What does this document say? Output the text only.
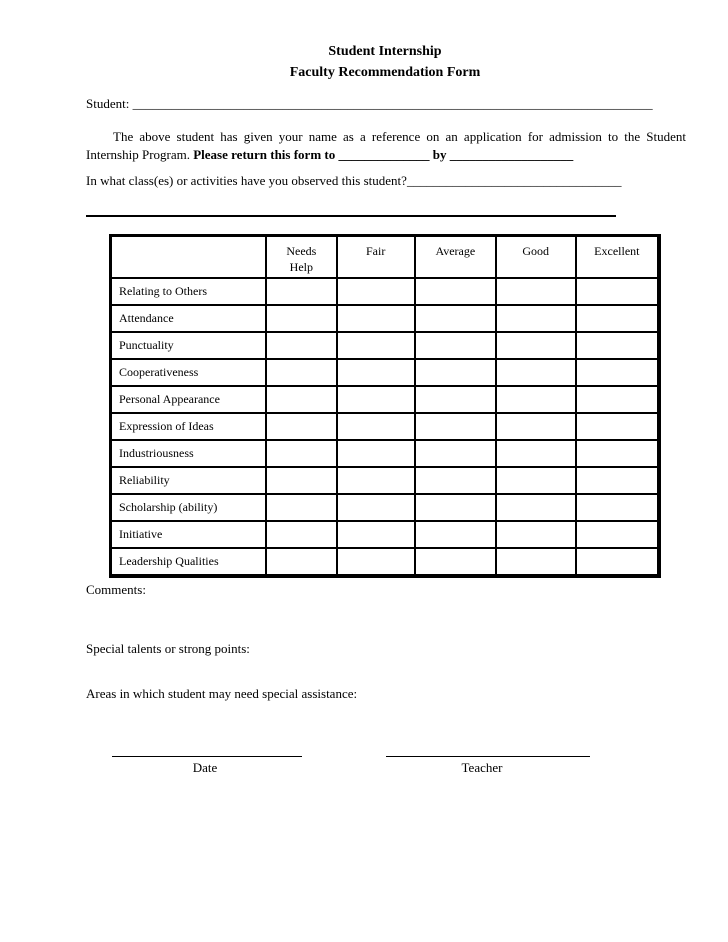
Student Internship
Faculty Recommendation Form
Student: ________________________________________________________________________________
The above student has given your name as a reference on an application for admission to the Student
Internship Program. Please return this form to ______________ by ___________________
In what class(es) or activities have you observed this student?_________________________________
	Needs Help	Fair	Average	Good	Excellent
Relating to Others					
Attendance					
Punctuality					
Cooperativeness					
Personal Appearance					
Expression of Ideas					
Industriousness					
Reliability					
Scholarship (ability)					
Initiative					
Leadership Qualities					
Comments:
Special talents or strong points:
Areas in which student may need special assistance:
Date	Teacher
